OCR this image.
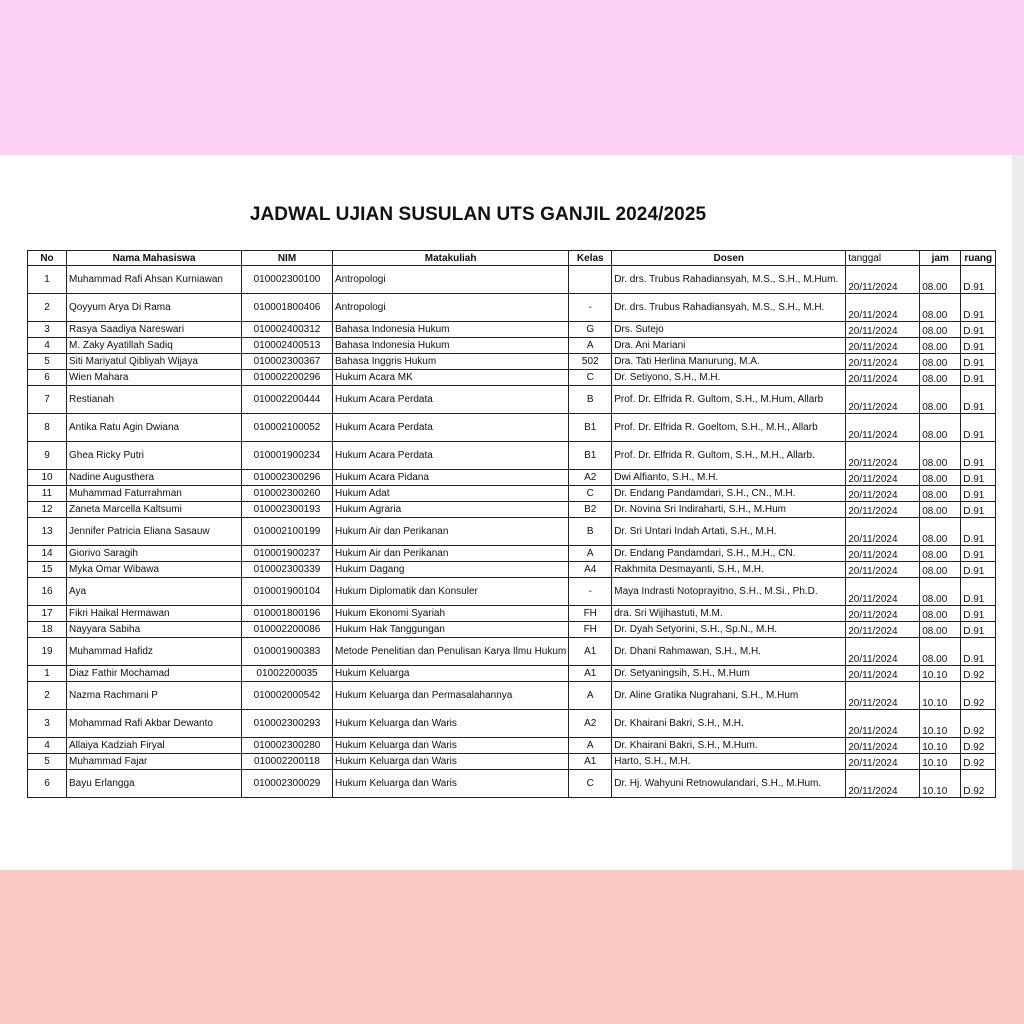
JADWAL UJIAN SUSULAN UTS GANJIL 2024/2025
No	Nama Mahasiswa	NIM	Matakuliah	Kelas	Dosen	tanggal	jam	ruang
1	Muhammad Rafi Ahsan Kurniawan	010002300100	Antropologi		Dr. drs. Trubus Rahadiansyah, M.S., S.H., M.Hum.	20/11/2024	08.00	D.91
2	Qoyyum Arya Di Rama	010001800406	Antropologi	-	Dr. drs. Trubus Rahadiansyah, M.S., S.H., M.H.	20/11/2024	08.00	D.91
3	Rasya Saadiya Nareswari	010002400312	Bahasa Indonesia Hukum	G	Drs. Sutejo	20/11/2024	08.00	D.91
4	M. Zaky Ayatillah Sadiq	010002400513	Bahasa Indonesia Hukum	A	Dra. Ani Mariani	20/11/2024	08.00	D.91
5	Siti Mariyatul Qibliyah Wijaya	010002300367	Bahasa Inggris Hukum	502	Dra. Tati Herlina Manurung, M.A.	20/11/2024	08.00	D.91
6	Wien Mahara	010002200296	Hukum Acara MK	C	Dr. Setiyono, S.H., M.H.	20/11/2024	08.00	D.91
7	Restianah	010002200444	Hukum Acara Perdata	B	Prof. Dr. Elfrida R. Gultom, S.H., M.Hum, Allarb	20/11/2024	08.00	D.91
8	Antika Ratu Agin Dwiana	010002100052	Hukum Acara Perdata	B1	Prof. Dr. Elfrida R. Goeltom, S.H., M.H., Allarb	20/11/2024	08.00	D.91
9	Ghea Ricky Putri	010001900234	Hukum Acara Perdata	B1	Prof. Dr. Elfrida R. Gultom, S.H., M.H., Allarb.	20/11/2024	08.00	D.91
10	Nadine Augusthera	010002300296	Hukum Acara Pidana	A2	Dwi Alfianto, S.H., M.H.	20/11/2024	08.00	D.91
11	Muhammad Faturrahman	010002300260	Hukum Adat	C	Dr. Endang Pandamdari, S.H., CN., M.H.	20/11/2024	08.00	D.91
12	Zaneta Marcella Kaltsumi	010002300193	Hukum Agraria	B2	Dr. Novina Sri Indiraharti, S.H., M.Hum	20/11/2024	08.00	D.91
13	Jennifer Patricia Eliana Sasauw	010002100199	Hukum Air dan Perikanan	B	Dr. Sri Untari Indah Artati, S.H., M.H.	20/11/2024	08.00	D.91
14	Giorivo Saragih	010001900237	Hukum Air dan Perikanan	A	Dr. Endang Pandamdari, S.H., M.H., CN.	20/11/2024	08.00	D.91
15	Myka Omar Wibawa	010002300339	Hukum Dagang	A4	Rakhmita Desmayanti, S.H., M.H.	20/11/2024	08.00	D.91
16	Aya	010001900104	Hukum Diplomatik dan Konsuler	-	Maya Indrasti Notoprayitno, S.H., M.Si., Ph.D.	20/11/2024	08.00	D.91
17	Fikri Haikal Hermawan	010001800196	Hukum Ekonomi Syariah	FH	dra. Sri Wijihastuti, M.M.	20/11/2024	08.00	D.91
18	Nayyara Sabiha	010002200086	Hukum Hak Tanggungan	FH	Dr. Dyah Setyorini, S.H., Sp.N., M.H.	20/11/2024	08.00	D.91
19	Muhammad Hafidz	010001900383	Metode Penelitian dan Penulisan Karya Ilmu Hukum	A1	Dr. Dhani Rahmawan, S.H., M.H.	20/11/2024	08.00	D.91
1	Diaz Fathir Mochamad	01002200035	Hukum Keluarga	A1	Dr. Setyaningsih, S.H., M.Hum	20/11/2024	10.10	D.92
2	Nazma Rachmani P	010002000542	Hukum Keluarga dan Permasalahannya	A	Dr. Aline Gratika Nugrahani, S.H., M.Hum	20/11/2024	10.10	D.92
3	Mohammad Rafi Akbar Dewanto	010002300293	Hukum Keluarga dan Waris	A2	Dr. Khairani Bakri, S.H., M.H.	20/11/2024	10.10	D.92
4	Allaiya Kadziah Firyal	010002300280	Hukum Keluarga dan Waris	A	Dr. Khairani Bakri, S.H., M.Hum.	20/11/2024	10.10	D.92
5	Muhammad Fajar	010002200118	Hukum Keluarga dan Waris	A1	Harto, S.H., M.H.	20/11/2024	10.10	D.92
6	Bayu Erlangga	010002300029	Hukum Keluarga dan Waris	C	Dr. Hj. Wahyuni Retnowulandari, S.H., M.Hum.	20/11/2024	10.10	D.92
